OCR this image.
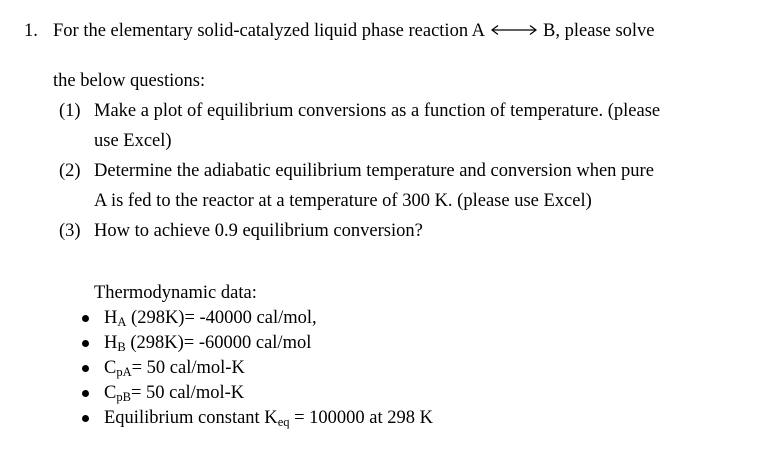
1. For the elementary solid-catalyzed liquid phase reaction A	B, please solve
the below questions:
(1) Make a plot of equilibrium conversions as a function of temperature. (please
use Excel)
(2) Determine the adiabatic equilibrium temperature and conversion when pure
A is fed to the reactor at a temperature of 300 K. (please use Excel)
(3) How to achieve 0.9 equilibrium conversion?
Thermodynamic data:
$H_A$ (298K)= -40000 cal/mol,
$H_B$ (298K)= -60000 cal/mol
$C_{pA}= 50$ cal/mol-K
$C_{pB}= 50$ cal/mol-K
Equilibrium constant $K_{eq} = 100000$ at 298 K
